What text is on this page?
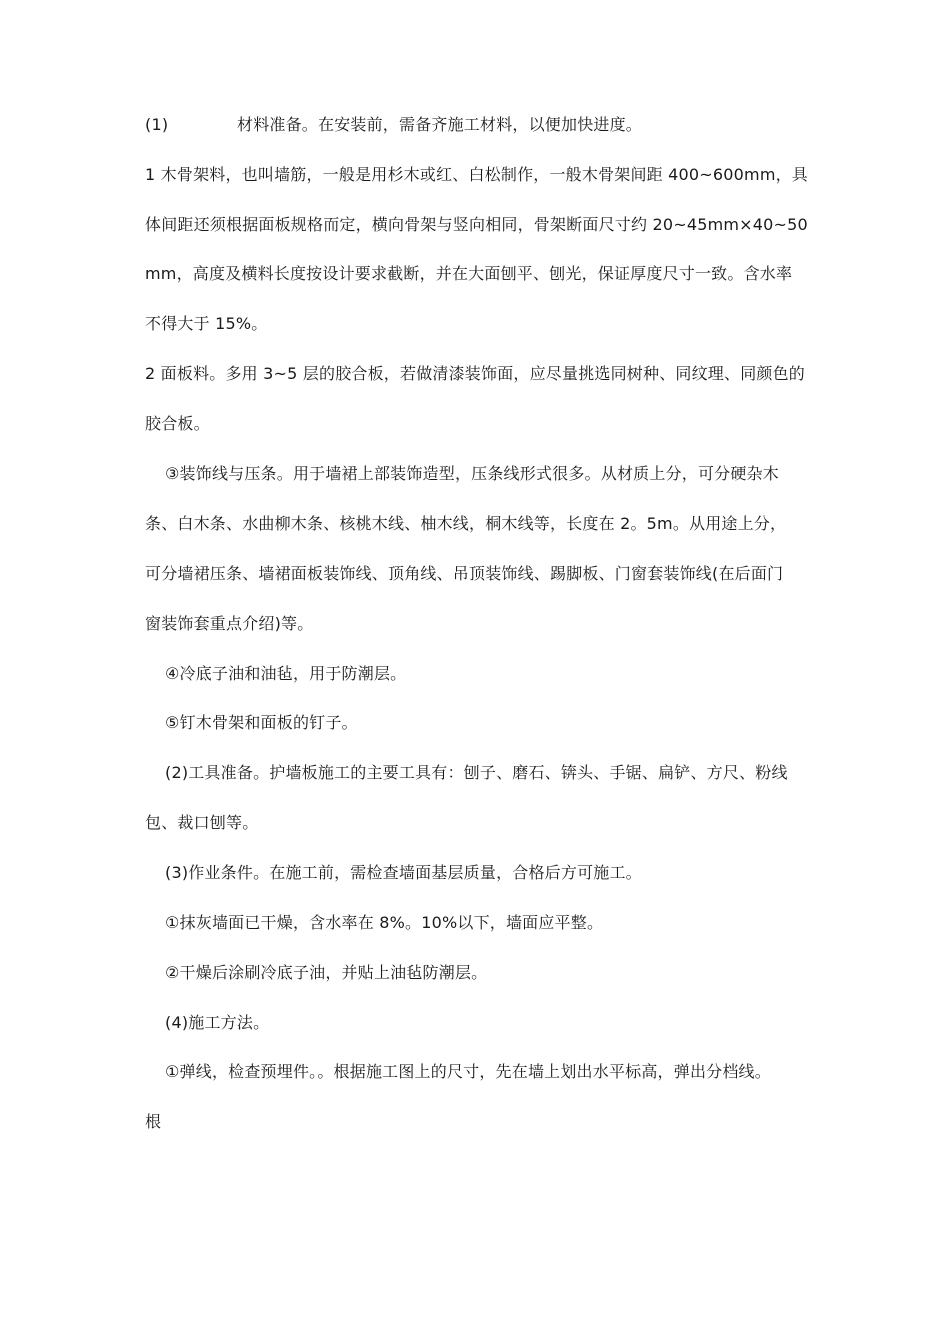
(1)	材料准备。在安装前，需备齐施工材料，以便加快进度。
1 木骨架料，也叫墙筋，一般是用杉木或红、白松制作，一般木骨架间距 400~600mm，具
体间距还须根据面板规格而定，横向骨架与竖向相同，骨架断面尺寸约 20~45mm×40~50
mm，高度及横料长度按设计要求截断，并在大面刨平、刨光，保证厚度尺寸一致。含水率
不得大于 15%。
2 面板料。多用 3~5 层的胶合板，若做清漆装饰面，应尽量挑选同树种、同纹理、同颜色的
胶合板。
③装饰线与压条。用于墙裙上部装饰造型，压条线形式很多。从材质上分，可分硬杂木
条、白木条、水曲柳木条、核桃木线、柚木线，桐木线等，长度在 2。5m。从用途上分，
可分墙裙压条、墙裙面板装饰线、顶角线、吊顶装饰线、踢脚板、门窗套装饰线(在后面门
窗装饰套重点介绍)等。
④冷底子油和油毡，用于防潮层。
⑤钉木骨架和面板的钉子。
(2)工具准备。护墙板施工的主要工具有：刨子、磨石、锛头、手锯、扁铲、方尺、粉线
包、裁口刨等。
(3)作业条件。在施工前，需检查墙面基层质量，合格后方可施工。
①抹灰墙面已干燥，含水率在 8%。10%以下，墙面应平整。
②干燥后涂刷冷底子油，并贴上油毡防潮层。
(4)施工方法。
①弹线，检查预埋件。。根据施工图上的尺寸，先在墙上划出水平标高，弹出分档线。
根
